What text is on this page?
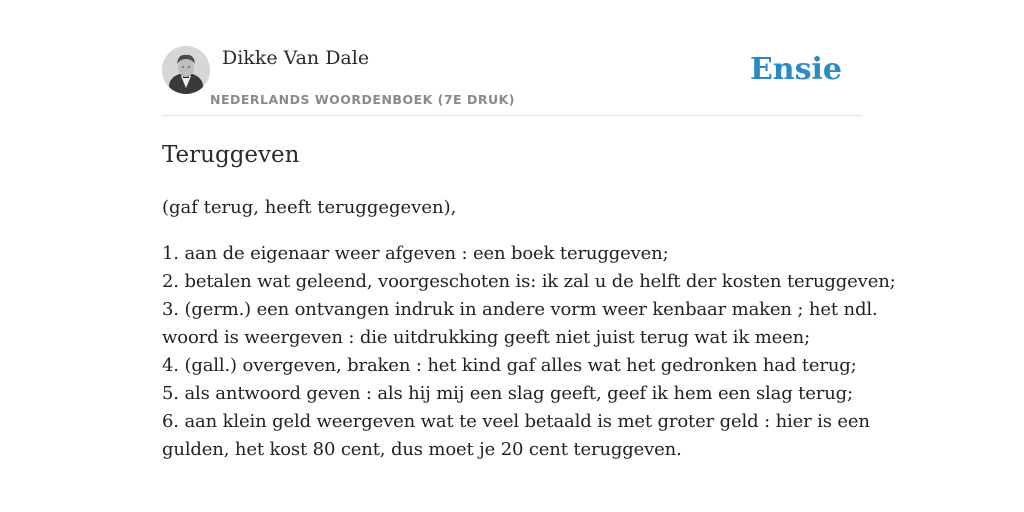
Dikke Van Dale
NEDERLANDS WOORDENBOEK (7E DRUK)
Ensie
Teruggeven

(gaf terug, heeft teruggegeven),

1. aan de eigenaar weer afgeven : een boek teruggeven;
2. betalen wat geleend, voorgeschoten is: ik zal u de helft der kosten teruggeven;
3. (germ.) een ontvangen indruk in andere vorm weer kenbaar maken ; het ndl.
woord is weergeven : die uitdrukking geeft niet juist terug wat ik meen;
4. (gall.) overgeven, braken : het kind gaf alles wat het gedronken had terug;
5. als antwoord geven : als hij mij een slag geeft, geef ik hem een slag terug;
6. aan klein geld weergeven wat te veel betaald is met groter geld : hier is een
gulden, het kost 80 cent, dus moet je 20 cent teruggeven.
